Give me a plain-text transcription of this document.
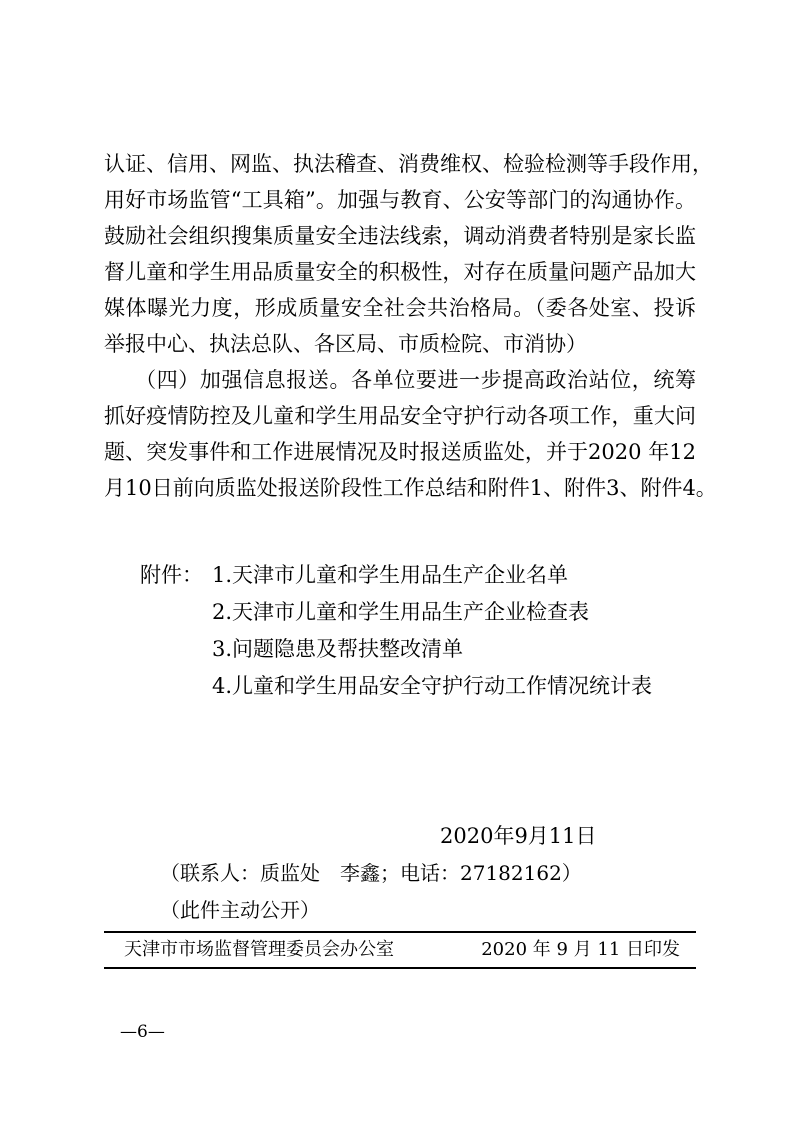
认证、信用、网监、执法稽查、消费维权、检验检测等手段作用，
用好市场监管“工具箱”。加强与教育、公安等部门的沟通协作。
鼓励社会组织搜集质量安全违法线索，调动消费者特别是家长监
督儿童和学生用品质量安全的积极性，对存在质量问题产品加大
媒体曝光力度，形成质量安全社会共治格局。（委各处室、投诉
举报中心、执法总队、各区局、市质检院、市消协）
　（四）加强信息报送。各单位要进一步提高政治站位，统筹
抓好疫情防控及儿童和学生用品安全守护行动各项工作，重大问
题、突发事件和工作进展情况及时报送质监处，并于2020 年12
月10日前向质监处报送阶段性工作总结和附件1、附件3、附件4。
附件： 1.天津市儿童和学生用品生产企业名单
2.天津市儿童和学生用品生产企业检查表
3.问题隐患及帮扶整改清单
4.儿童和学生用品安全守护行动工作情况统计表
2020年9月11日
（联系人：质监处　李鑫；电话：27182162）
（此件主动公开）
天津市市场监督管理委员会办公室	2020 年 9 月 11 日印发
—6—
